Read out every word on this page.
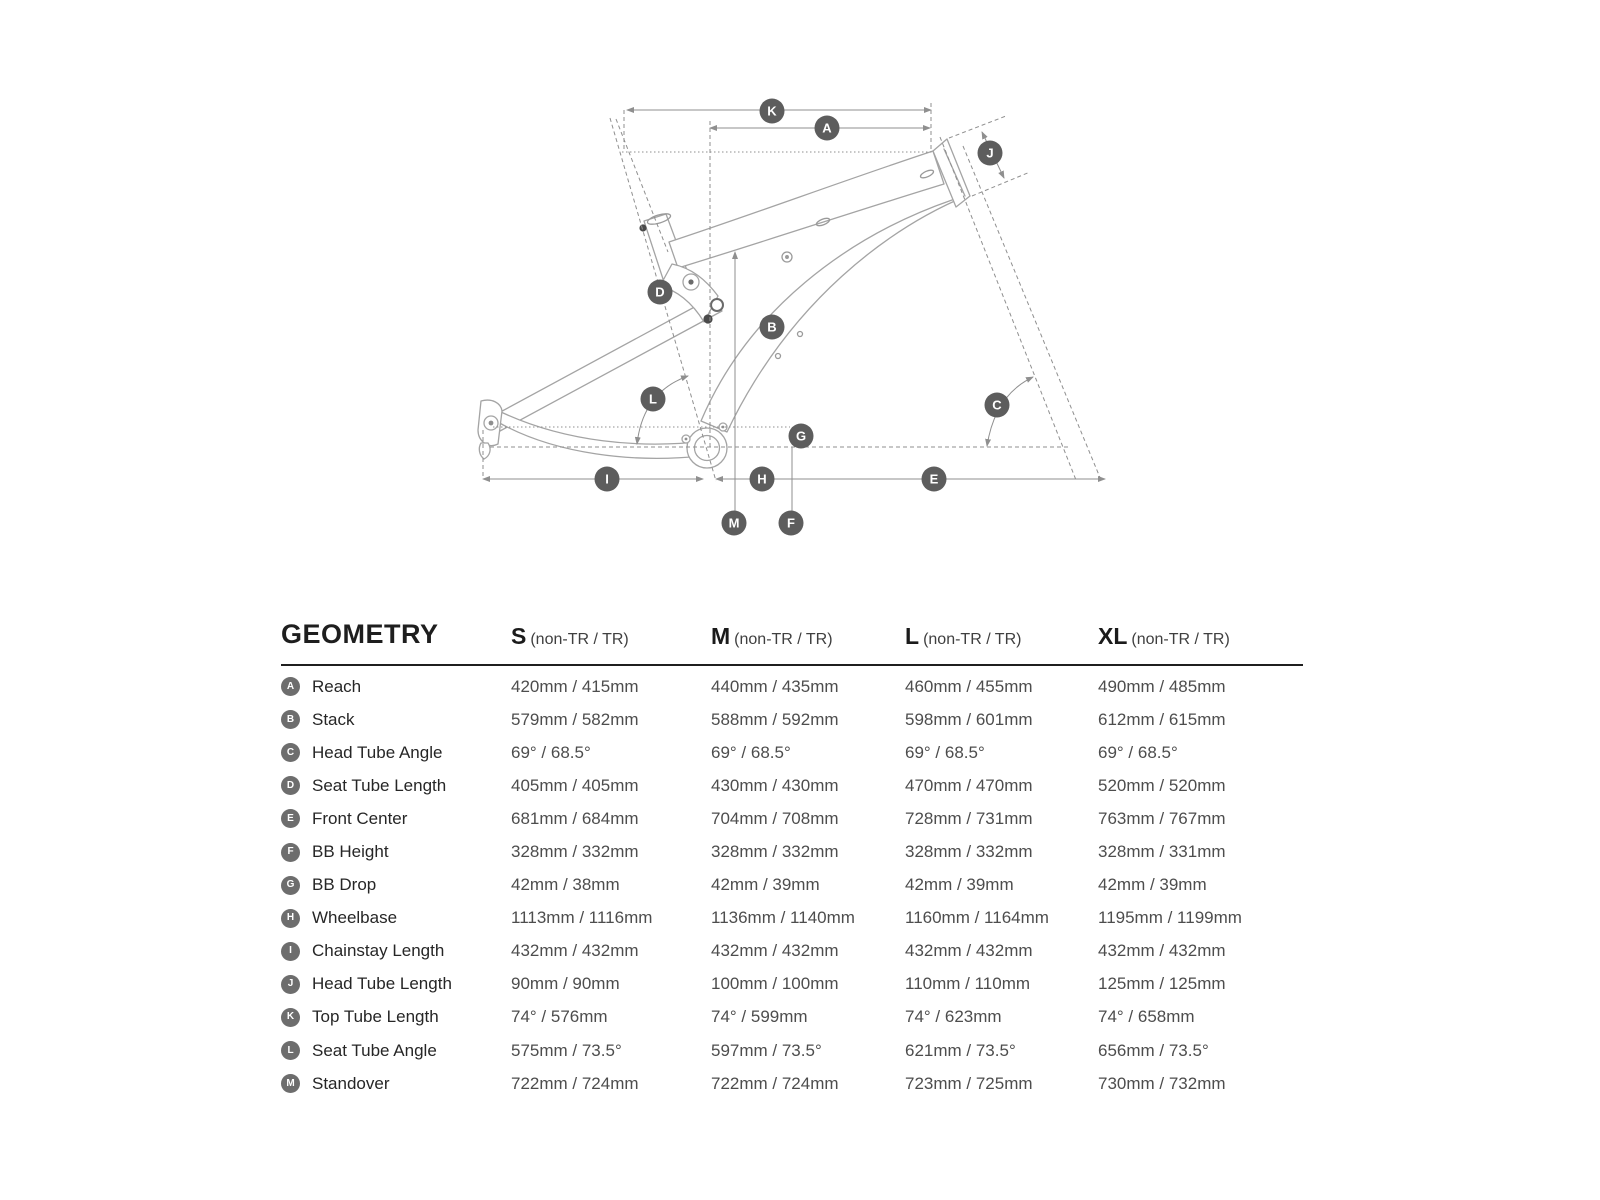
K
A
J
D
B
L	C
G
I	H	E
M	F
GEOMETRY	S (non-TR / TR)	M (non-TR / TR)	L (non-TR / TR)	XL (non-TR / TR)
A	Reach	420mm / 415mm	440mm / 435mm	460mm / 455mm	490mm / 485mm
B	Stack	579mm / 582mm	588mm / 592mm	598mm / 601mm	612mm / 615mm
C	Head Tube Angle	69° / 68.5°	69° / 68.5°	69° / 68.5°	69° / 68.5°
D	Seat Tube Length	405mm / 405mm	430mm / 430mm	470mm / 470mm	520mm / 520mm
E	Front Center	681mm / 684mm	704mm / 708mm	728mm / 731mm	763mm / 767mm
F	BB Height	328mm / 332mm	328mm / 332mm	328mm / 332mm	328mm / 331mm
G	BB Drop	42mm / 38mm	42mm / 39mm	42mm / 39mm	42mm / 39mm
H	Wheelbase	1113mm / 1116mm	1136mm / 1140mm	1160mm / 1164mm	1195mm / 1199mm
I	Chainstay Length	432mm / 432mm	432mm / 432mm	432mm / 432mm	432mm / 432mm
J	Head Tube Length	90mm / 90mm	100mm / 100mm	110mm / 110mm	125mm / 125mm
K	Top Tube Length	74° / 576mm	74° / 599mm	74° / 623mm	74° / 658mm
L	Seat Tube Angle	575mm / 73.5°	597mm / 73.5°	621mm / 73.5°	656mm / 73.5°
M	Standover	722mm / 724mm	722mm / 724mm	723mm / 725mm	730mm / 732mm
